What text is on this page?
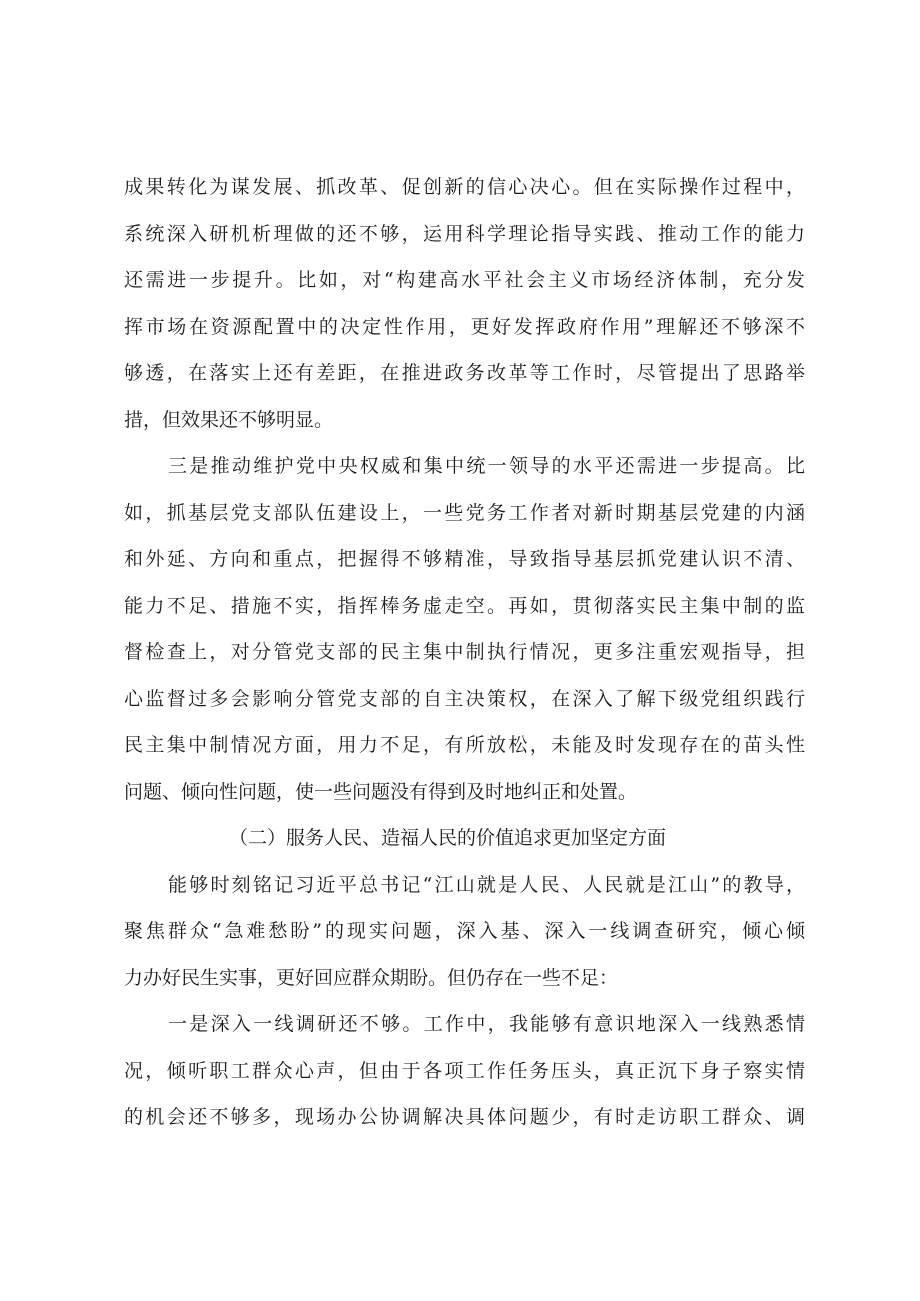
成果转化为谋发展、抓改革、促创新的信心决心。但在实际操作过程中，
系统深入研机析理做的还不够，运用科学理论指导实践、推动工作的能力
还需进一步提升。比如，对“构建高水平社会主义市场经济体制，充分发
挥市场在资源配置中的决定性作用，更好发挥政府作用”理解还不够深不
够透，在落实上还有差距，在推进政务改革等工作时，尽管提出了思路举
措，但效果还不够明显。
三是推动维护党中央权威和集中统一领导的水平还需进一步提高。比
如，抓基层党支部队伍建设上，一些党务工作者对新时期基层党建的内涵
和外延、方向和重点，把握得不够精准，导致指导基层抓党建认识不清、
能力不足、措施不实，指挥棒务虚走空。再如，贯彻落实民主集中制的监
督检查上，对分管党支部的民主集中制执行情况，更多注重宏观指导，担
心监督过多会影响分管党支部的自主决策权，在深入了解下级党组织践行
民主集中制情况方面，用力不足，有所放松，未能及时发现存在的苗头性
问题、倾向性问题，使一些问题没有得到及时地纠正和处置。
（二）服务人民、造福人民的价值追求更加坚定方面
能够时刻铭记习近平总书记“江山就是人民、人民就是江山”的教导，
聚焦群众“急难愁盼”的现实问题，深入基、深入一线调查研究，倾心倾
力办好民生实事，更好回应群众期盼。但仍存在一些不足：
一是深入一线调研还不够。工作中，我能够有意识地深入一线熟悉情
况，倾听职工群众心声，但由于各项工作任务压头，真正沉下身子察实情
的机会还不够多，现场办公协调解决具体问题少，有时走访职工群众、调
